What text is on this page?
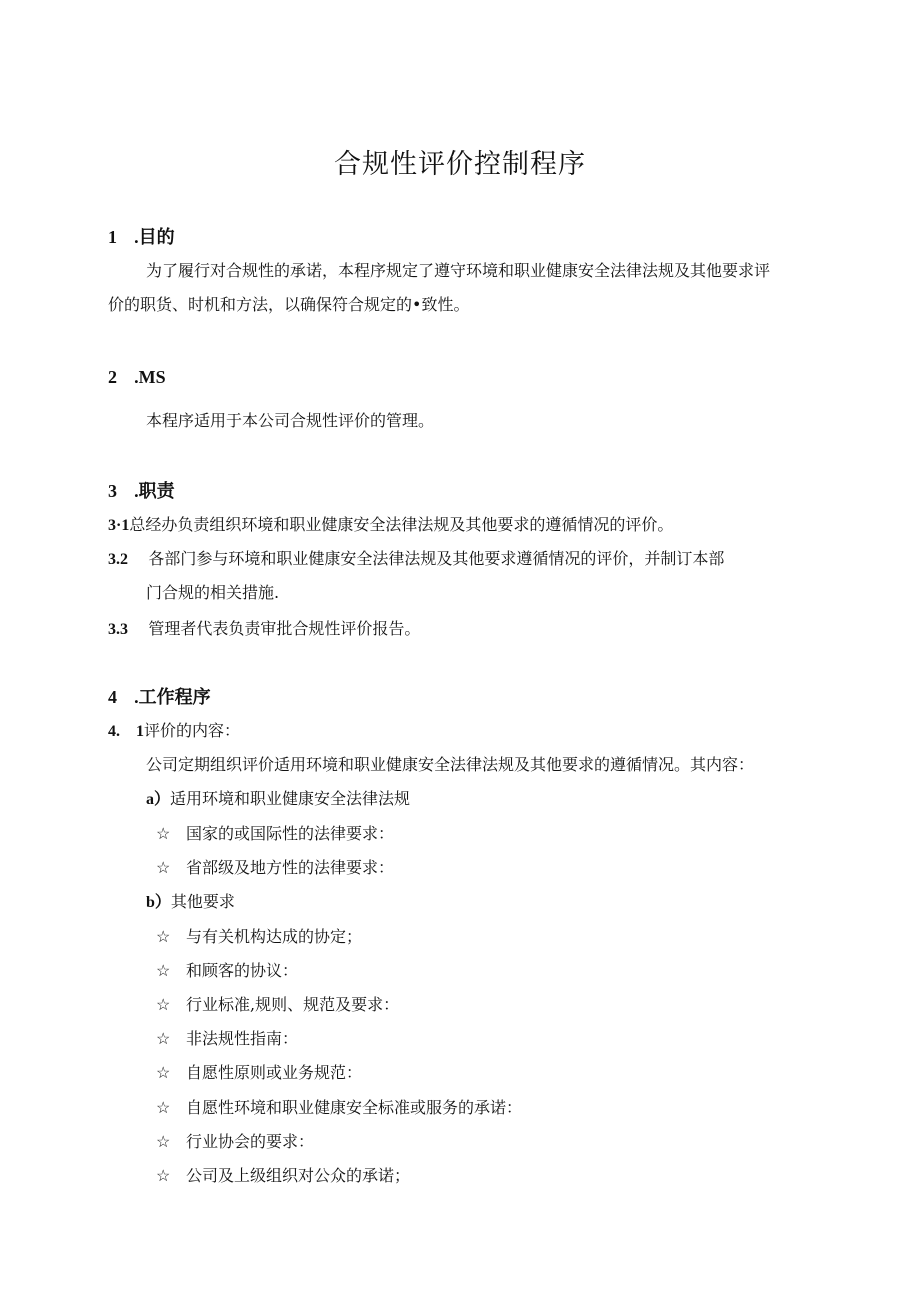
合规性评价控制程序
1 .目的
为了履行对合规性的承诺，本程序规定了遵守环境和职业健康安全法律法规及其他要求评
价的职货、时机和方法，以确保符合规定的•致性。
2 .MS
本程序适用于本公司合规性评价的管理。
3 .职责
3·1总经办负责组织环境和职业健康安全法律法规及其他要求的遵循情况的评价。
3.2 各部门参与环境和职业健康安全法律法规及其他要求遵循情况的评价，并制订本部
门合规的相关措施.
3.3 管理者代表负责审批合规性评价报告。
4 .工作程序
4.　1评价的内容：
公司定期组织评价适用环境和职业健康安全法律法规及其他要求的遵循情况。其内容：
a）适用环境和职业健康安全法律法规
☆ 国家的或国际性的法律要求：
☆ 省部级及地方性的法律要求：
b）其他要求
☆ 与有关机构达成的协定；
☆ 和顾客的协议：
☆ 行业标准,规则、规范及要求：
☆ 非法规性指南：
☆ 自愿性原则或业务规范：
☆ 自愿性环境和职业健康安全标准或服务的承诺：
☆ 行业协会的要求：
☆ 公司及上级组织对公众的承诺；
